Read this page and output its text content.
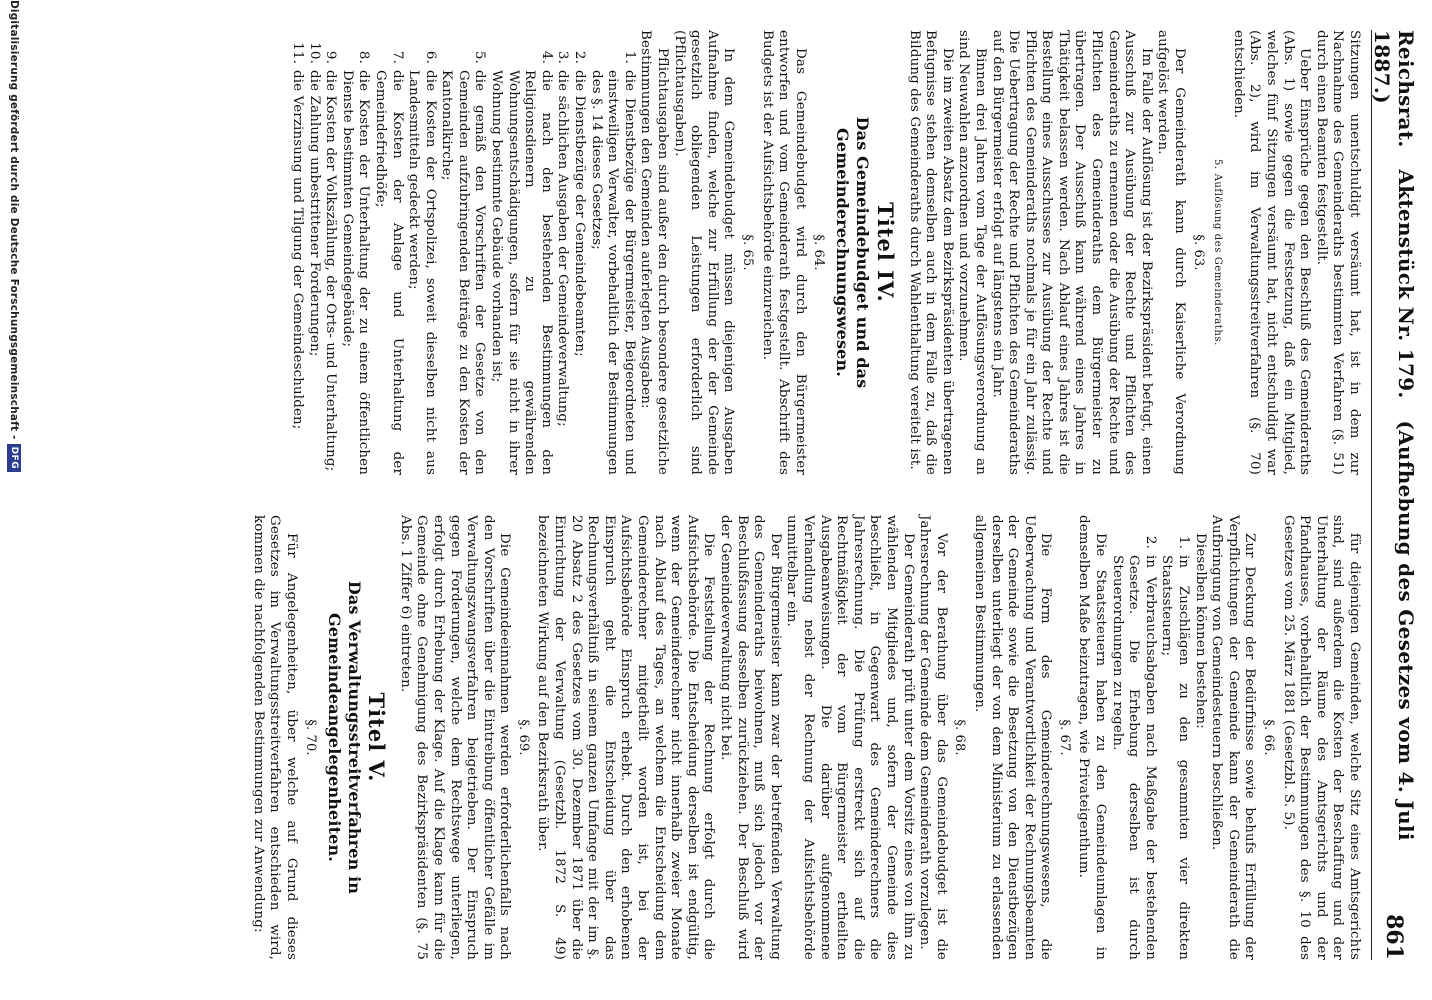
Reichsrat.   Aktenstück Nr. 179.   (Aufhebung des Gesetzes vom 4. Juli 1887.)
861

Sitzungen unentschuldigt versäumt hat, ist in dem zur Nachnahme des Gemeinderaths bestimmten Verfahren (§. 51) durch einen Beamten festgestellt.

Ueber Einsprüche gegen den Beschluß des Gemeinderaths (Abs. 1) sowie gegen die Festsetzung, daß ein Mitglied, welches fünf Sitzungen versäumt hat, nicht entschuldigt war (Abs. 2), wird im Verwaltungsstreitverfahren (§. 70) entschieden.

5. Auflösung des Gemeinderaths.
§. 63.

Der Gemeinderath kann durch Kaiserliche Verordnung aufgelöst werden.

Im Falle der Auflösung ist der Bezirkspräsident befugt, einen Ausschuß zur Ausübung der Rechte und Pflichten des Gemeinderaths zu ernennen oder die Ausübung der Rechte und Pflichten des Gemeinderaths dem Bürgermeister zu übertragen. Der Ausschuß kann während eines Jahres in Thätigkeit belassen werden. Nach Ablauf eines Jahres ist die Bestellung eines Ausschusses zur Ausübung der Rechte und Pflichten des Gemeinderaths nochmals je für ein Jahr zulässig. Die Uebertragung der Rechte und Pflichten des Gemeinderaths auf den Bürgermeister erfolgt auf längstens ein Jahr.

Binnen drei Jahren vom Tage der Auflösungsverordnung an sind Neuwahlen anzuordnen und vorzunehmen.

Die im zweiten Absatz dem Bezirkspräsidenten übertragenen Befugnisse stehen demselben auch in dem Falle zu, daß die Bildung des Gemeinderaths durch Wahlenthaltung vereitelt ist.

Titel IV.
Das Gemeindebudget und das Gemeinderechnungswesen.
§. 64.

Das Gemeindebudget wird durch den Bürgermeister entworfen und vom Gemeinderath festgestellt. Abschrift des Budgets ist der Aufsichtsbehörde einzureichen.

§. 65.

In dem Gemeindebudget müssen diejenigen Ausgaben Aufnahme finden, welche zur Erfüllung der der Gemeinde gesetzlich obliegenden Leistungen erforderlich sind (Pflichtausgaben).

Pflichtausgaben sind außer den durch besondere gesetzliche Bestimmungen den Gemeinden auferlegten Ausgaben:

1.
die Dienstbezüge der Bürgermeister, Beigeordneten und einstweiligen Verwalter, vorbehaltlich der Bestimmungen des §. 14 dieses Gesetzes;
2.
die Dienstbezüge der Gemeindebeamten;
3.
die sächlichen Ausgaben der Gemeindeverwaltung;
4.
die nach den bestehenden Bestimmungen den Religionsdienern zu gewährenden Wohnungsentschädigungen, sofern für sie nicht in ihrer Wohnung bestimmte Gebäude vorhanden ist;
5.
die gemäß den Vorschriften der Gesetze von den Gemeinden aufzubringenden Beiträge zu den Kosten der Kantonalkirche;
6.
die Kosten der Ortspolizei, soweit dieselben nicht aus Landesmitteln gedeckt werden;
7.
die Kosten der Anlage und Unterhaltung der Gemeindefriedhöfe;
8.
die Kosten der Unterhaltung der zu einem öffentlichen Dienste bestimmten Gemeindegebäude;
9.
die Kosten der Volkszählung, der Orts- und Unterhaltung;
10.
die Zahlung unbestrittener Forderungen;
11.
die Verzinsung und Tilgung der Gemeindeschulden;

für diejenigen Gemeinden, welche Sitz eines Amtsgerichts sind, sind außerdem die Kosten der Beschaffung und der Unterhaltung der Räume des Amtsgerichts und der Pfandhauses, vorbehaltlich der Bestimmungen des §. 10 des Gesetzes vom 25. März 1881 (Gesetzbl. S. 5).

§. 66.

Zur Deckung der Bedürfnisse sowie behufs Erfüllung der Verpflichtungen der Gemeinde kann der Gemeinderath die Aufbringung von Gemeindesteuern beschließen.

Dieselben können bestehen:

1.
in Zuschlägen zu den gesammten vier direkten Staatssteuern;
2.
in Verbrauchsabgaben nach Maßgabe der bestehenden Gesetze. Die Erhebung derselben ist durch Steuerordnungen zu regeln.

Die Staatssteuern haben zu den Gemeindeumlagen in demselben Maße beizutragen, wie Privateigenthum.

§. 67.

Die Form des Gemeinderechnungswesens, die Ueberwachung und Verantwortlichkeit der Rechnungsbeamten der Gemeinde sowie die Besetzung von den Dienstbezügen derselben unterliegt der von dem Ministerium zu erlassenden allgemeinen Bestimmungen.

§. 68.

Vor der Berathung über das Gemeindebudget ist die Jahresrechnung der Gemeinde dem Gemeinderath vorzulegen.

Der Gemeinderath prüft unter dem Vorsitz eines von ihm zu wählenden Mitgliedes und, sofern der Gemeinde dies beschließt, in Gegenwart des Gemeinderechners die Jahresrechnung. Die Prüfung erstreckt sich auf die Rechtmäßigkeit der vom Bürgermeister ertheilten Ausgabeanweisungen. Die darüber aufgenommene Verhandlung nebst der Rechnung der Aufsichtsbehörde unmittelbar ein.

Der Bürgermeister kann zwar der betreffenden Verwaltung des Gemeinderaths beiwohnen, muß sich jedoch vor der Beschlußfassung desselben zurückziehen. Der Beschluß wird der Gemeindeverwaltung nicht bei.

Die Feststellung der Rechnung erfolgt durch die Aufsichtsbehörde. Die Entscheidung derselben ist endgültig, wenn der Gemeinderechner nicht innerhalb zweier Monate nach Ablauf des Tages, an welchem die Entscheidung dem Gemeinderechner mitgetheilt worden ist, bei der Aufsichtsbehörde Einspruch erhebt. Durch den erhobenen Einspruch geht die Entscheidung über das Rechnungsverhältniß in seinem ganzen Umfange mit der im §. 20 Absatz 2 des Gesetzes vom 30. Dezember 1871 über die Einrichtung der Verwaltung (Gesetzbl. 1872 S. 49) bezeichneten Wirkung auf den Bezirksrath über.

§. 69.

Die Gemeindeeinnahmen werden erforderlichenfalls nach den Vorschriften über die Eintreibung öffentlicher Gefälle im Verwaltungszwangsverfahren beigetrieben. Der Einspruch gegen Forderungen, welche dem Rechtswege unterliegen, erfolgt durch Erhebung der Klage. Auf die Klage kann für die Gemeinde ohne Genehmigung des Bezirkspräsidenten (§. 75 Abs. 1 Ziffer 6) eintreten.

Titel V.
Das Verwaltungsstreitverfahren in Gemeindeangelegenheiten.
§. 70.

Für Angelegenheiten, über welche auf Grund dieses Gesetzes im Verwaltungsstreitverfahren entschieden wird, kommen die nachfolgenden Bestimmungen zur Anwendung:

Digitalisierung gefördert durch die Deutsche Forschungsgemeinschaft -
DFG
